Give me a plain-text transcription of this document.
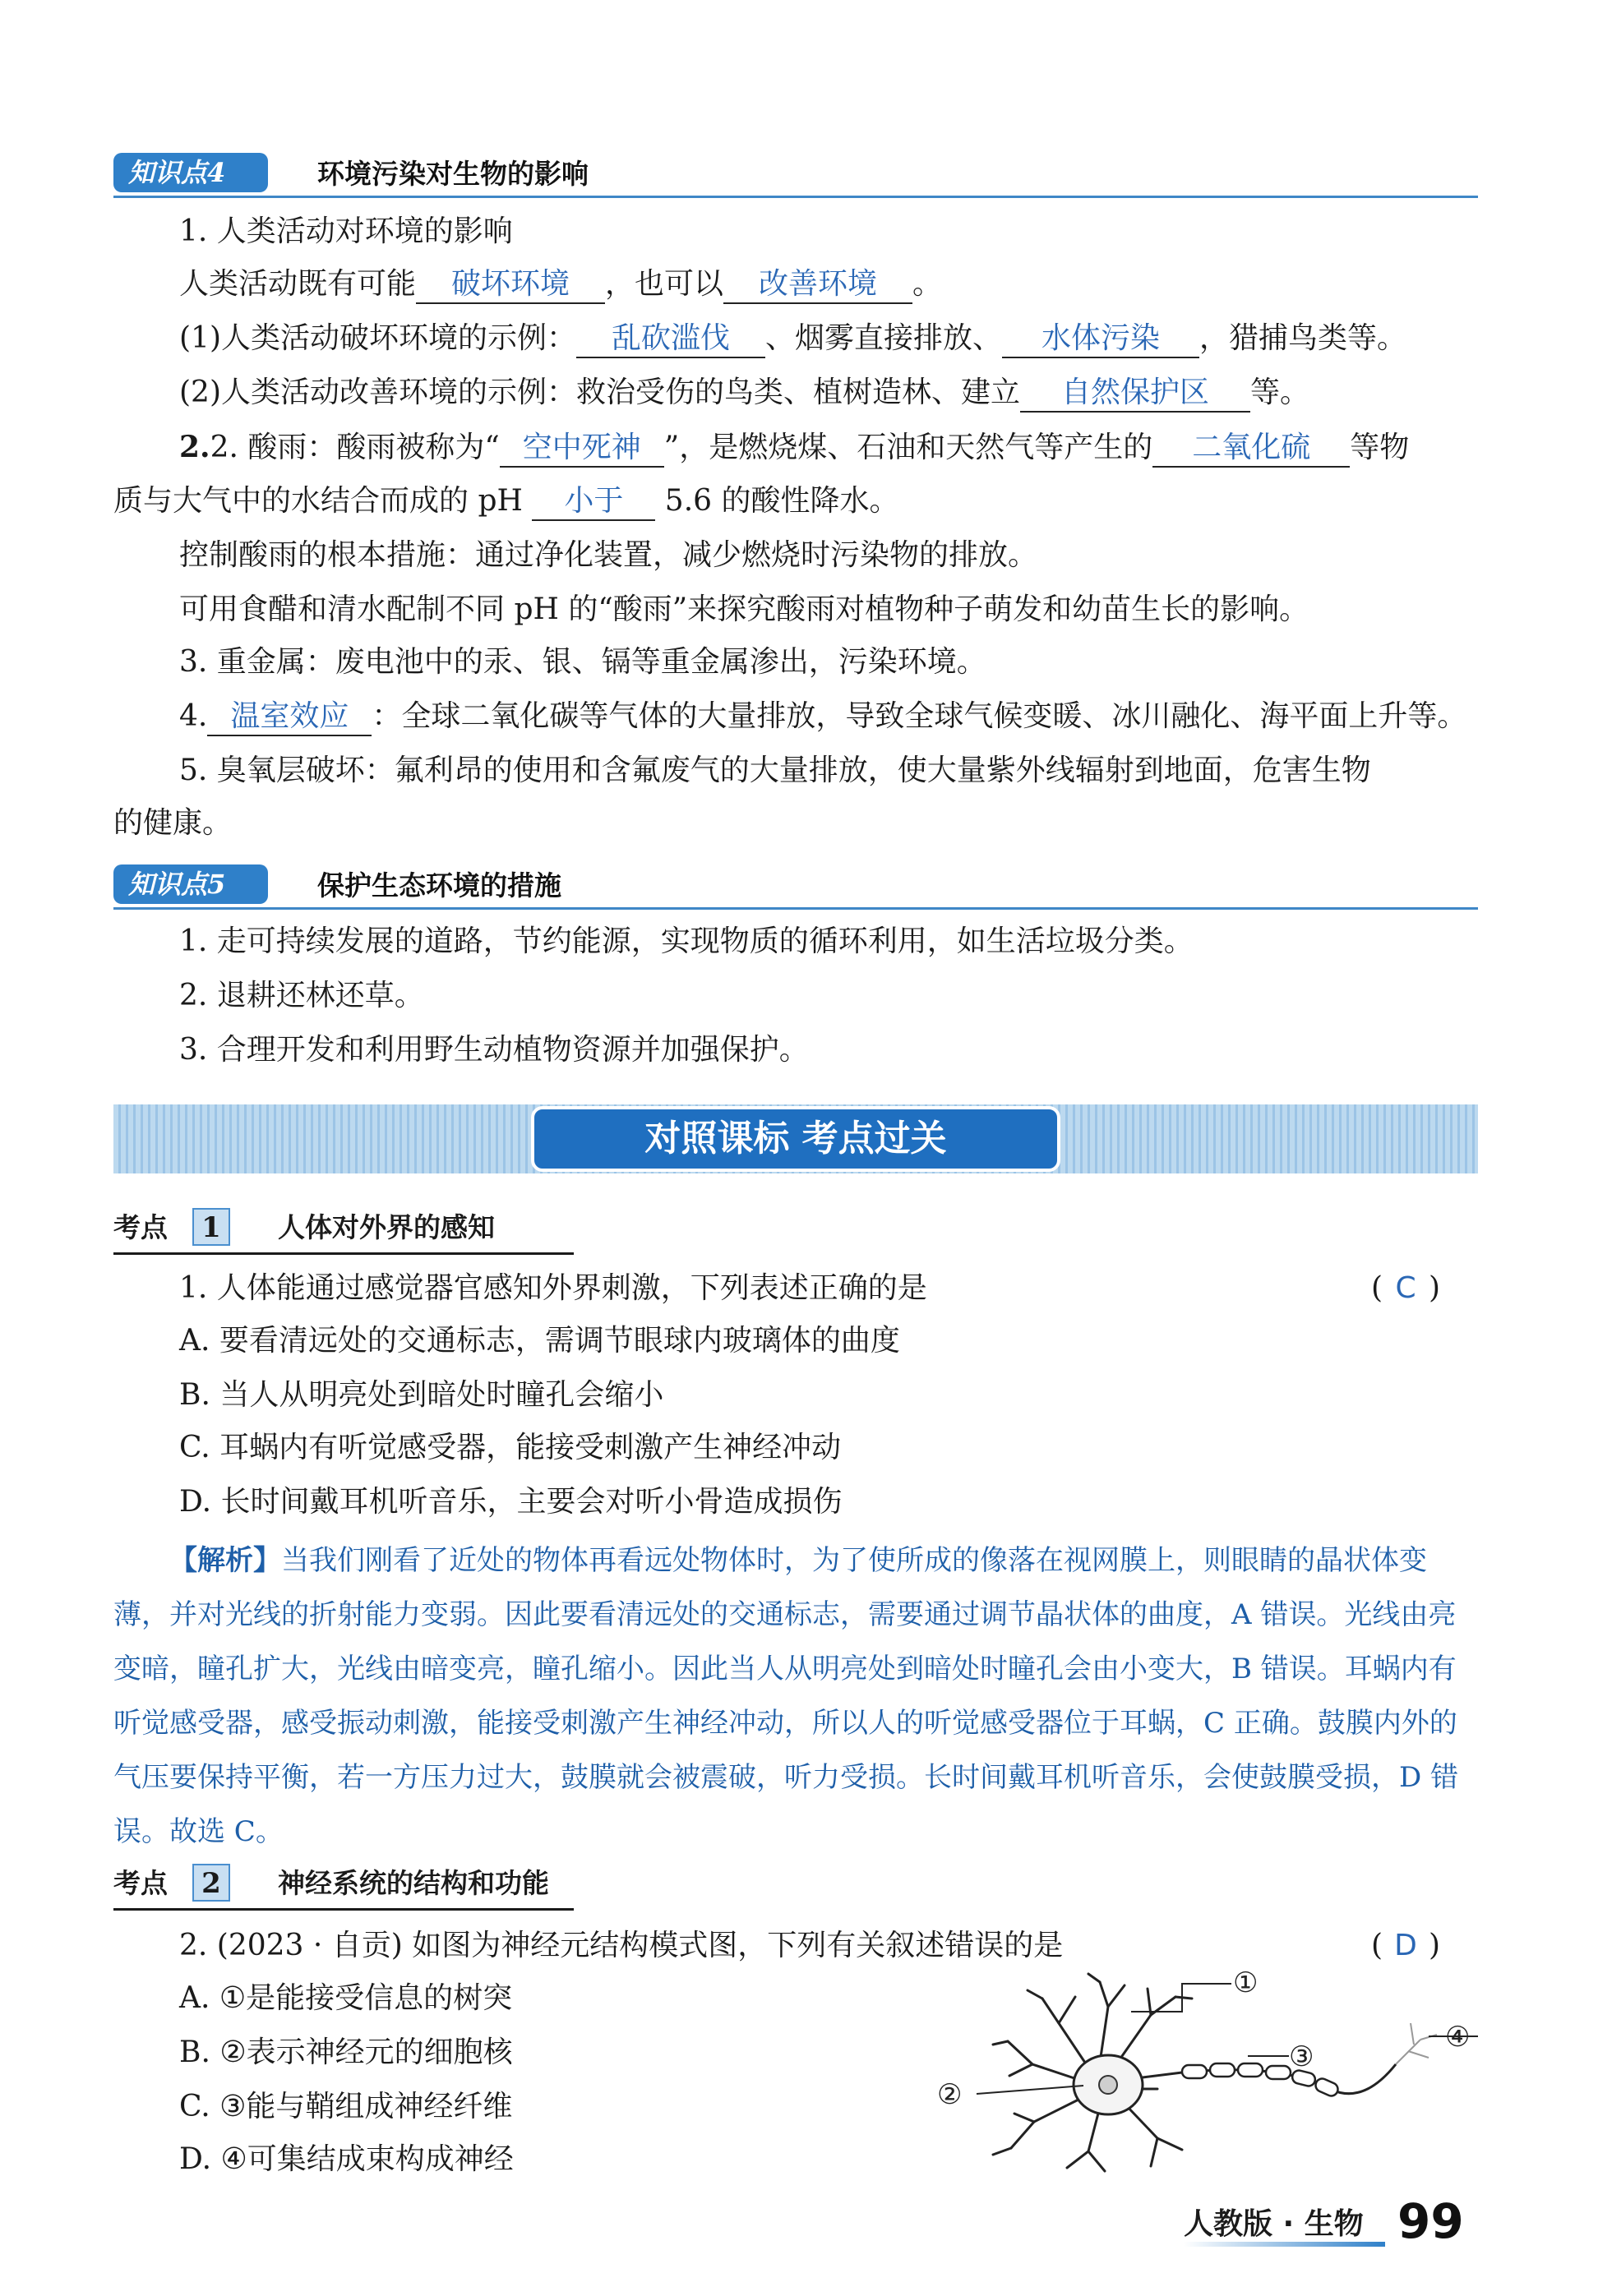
知识点4	环境污染对生物的影响
1. 人类活动对环境的影响
人类活动既有可能 破坏环境 ，也可以 改善环境 。
(1)人类活动破坏环境的示例： 乱砍滥伐 、烟雾直接排放、 水体污染 ，猎捕鸟类等。
(2)人类活动改善环境的示例：救治受伤的鸟类、植树造林、建立 自然保护区 等。
2.2. 酸雨：酸雨被称为“ 空中死神 ”，是燃烧煤、石油和天然气等产生的 二氧化硫 等物
质与大气中的水结合而成的 pH 小于 5.6 的酸性降水。
控制酸雨的根本措施：通过净化装置，减少燃烧时污染物的排放。
可用食醋和清水配制不同 pH 的“酸雨”来探究酸雨对植物种子萌发和幼苗生长的影响。
3. 重金属：废电池中的汞、银、镉等重金属渗出，污染环境。
4. 温室效应 ：全球二氧化碳等气体的大量排放，导致全球气候变暖、冰川融化、海平面上升等。
5. 臭氧层破坏：氟利昂的使用和含氟废气的大量排放，使大量紫外线辐射到地面，危害生物
的健康。
知识点5	保护生态环境的措施
1. 走可持续发展的道路，节约能源，实现物质的循环利用，如生活垃圾分类。
2. 退耕还林还草。
3. 合理开发和利用野生动植物资源并加强保护。
对照课标 考点过关
考点	1	人体对外界的感知
1. 人体能通过感觉器官感知外界刺激，下列表述正确的是	( C )
A. 要看清远处的交通标志，需调节眼球内玻璃体的曲度
B. 当人从明亮处到暗处时瞳孔会缩小
C. 耳蜗内有听觉感受器，能接受刺激产生神经冲动
D. 长时间戴耳机听音乐，主要会对听小骨造成损伤
【解析】当我们刚看了近处的物体再看远处物体时，为了使所成的像落在视网膜上，则眼睛的晶状体变薄，并对光线的折射能力变弱。因此要看清远处的交通标志，需要通过调节晶状体的曲度，A 错误。光线由亮变暗，瞳孔扩大，光线由暗变亮，瞳孔缩小。因此当人从明亮处到暗处时瞳孔会由小变大，B 错误。耳蜗内有听觉感受器，感受振动刺激，能接受刺激产生神经冲动，所以人的听觉感受器位于耳蜗，C 正确。鼓膜内外的气压要保持平衡，若一方压力过大，鼓膜就会被震破，听力受损。长时间戴耳机听音乐，会使鼓膜受损，D 错误。故选 C。
考点	2	神经系统的结构和功能
2. (2023 · 自贡) 如图为神经元结构模式图，下列有关叙述错误的是	( D )
A. ①是能接受信息的树突
B. ②表示神经元的细胞核
C. ③能与鞘组成神经纤维
D. ④可集结成束构成神经
①
②
③
④
人教版 · 生物 99
